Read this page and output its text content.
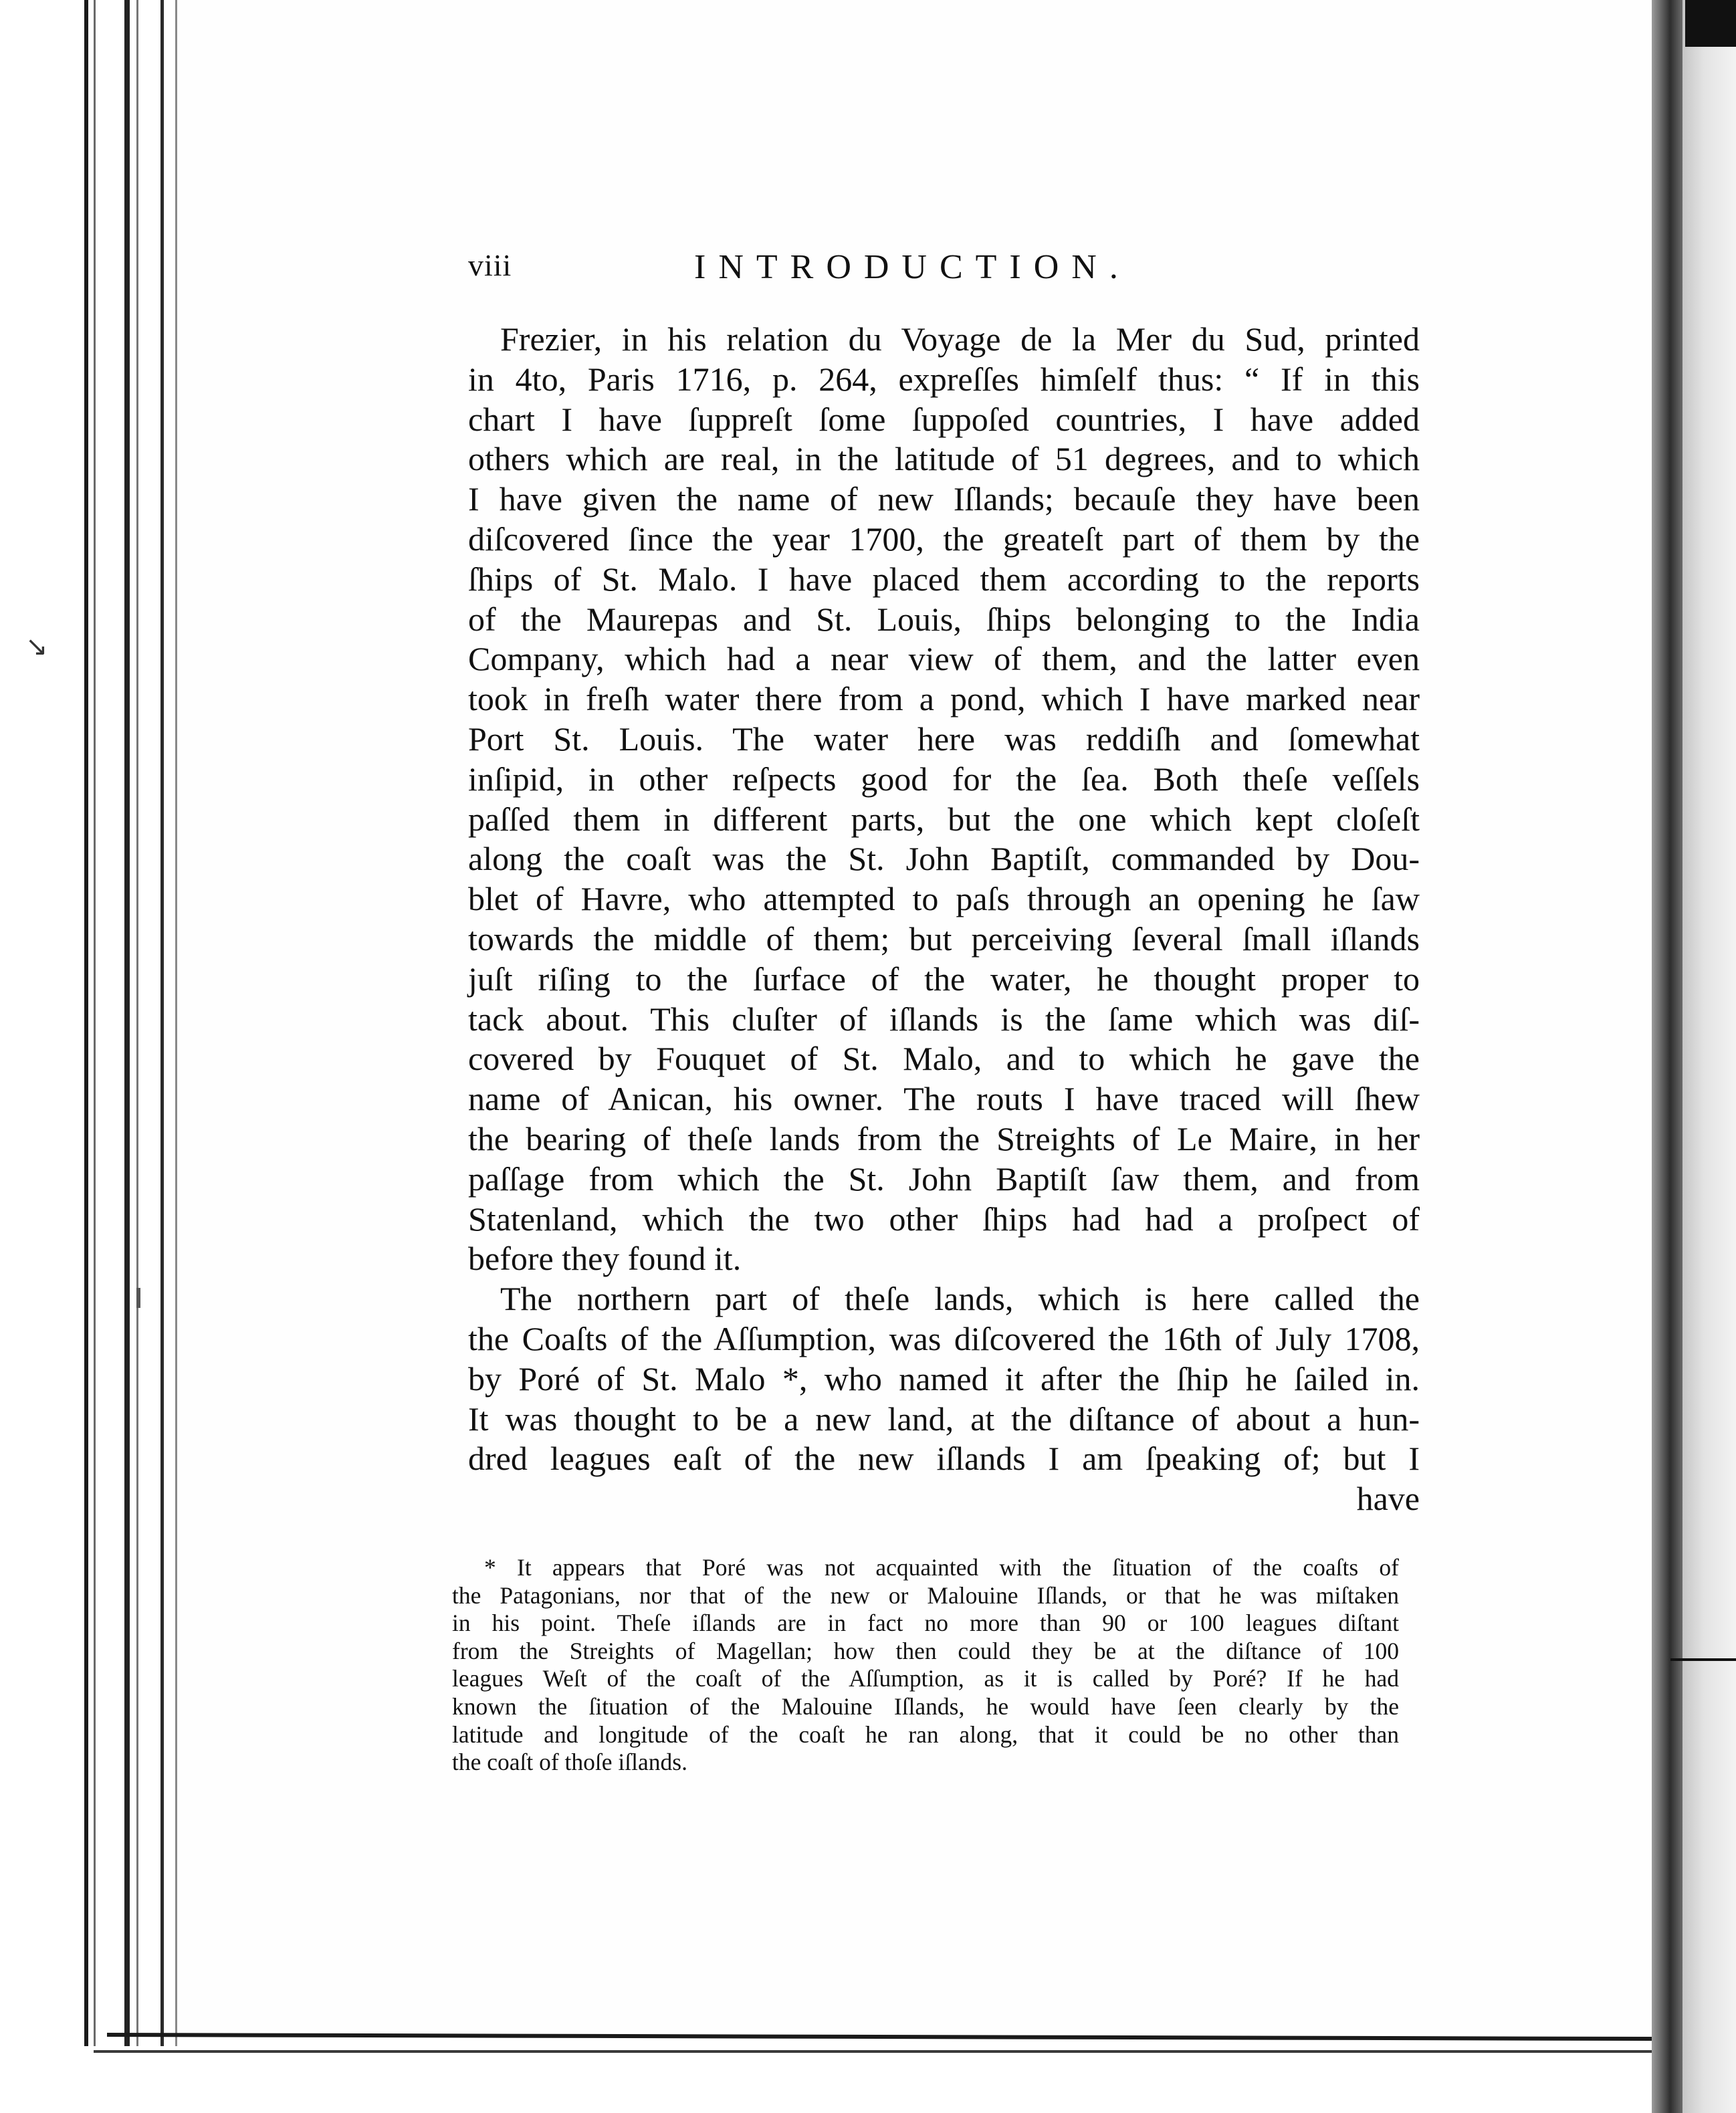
↘
viii	INTRODUCTION.
Frezier, in his relation du Voyage de la Mer du Sud, printed
in 4to, Paris 1716, p. 264, expreſſes himſelf thus: “ If in this
chart I have ſuppreſt ſome ſuppoſed countries, I have added
others which are real, in the latitude of 51 degrees, and to which
I have given the name of new Iſlands; becauſe they have been
diſcovered ſince the year 1700, the greateſt part of them by the
ſhips of St. Malo. I have placed them according to the reports
of the Maurepas and St. Louis, ſhips belonging to the India
Company, which had a near view of them, and the latter even
took in freſh water there from a pond, which I have marked near
Port St. Louis. The water here was reddiſh and ſomewhat
inſipid, in other reſpects good for the ſea. Both theſe veſſels
paſſed them in different parts, but the one which kept cloſeſt
along the coaſt was the St. John Baptiſt, commanded by Dou-
blet of Havre, who attempted to paſs through an opening he ſaw
towards the middle of them; but perceiving ſeveral ſmall iſlands
juſt riſing to the ſurface of the water, he thought proper to
tack about. This cluſter of iſlands is the ſame which was diſ-
covered by Fouquet of St. Malo, and to which he gave the
name of Anican, his owner. The routs I have traced will ſhew
the bearing of theſe lands from the Streights of Le Maire, in her
paſſage from which the St. John Baptiſt ſaw them, and from
Statenland, which the two other ſhips had had a proſpect of
before they found it.
The northern part of theſe lands, which is here called the
the Coaſts of the Aſſumption, was diſcovered the 16th of July 1708,
by Poré of St. Malo *, who named it after the ſhip he ſailed in.
It was thought to be a new land, at the diſtance of about a hun-
dred leagues eaſt of the new iſlands I am ſpeaking of; but I
have
* It appears that Poré was not acquainted with the ſituation of the coaſts of
the Patagonians, nor that of the new or Malouine Iſlands, or that he was miſtaken
in his point. Theſe iſlands are in fact no more than 90 or 100 leagues diſtant
from the Streights of Magellan; how then could they be at the diſtance of 100
leagues Weſt of the coaſt of the Aſſumption, as it is called by Poré? If he had
known the ſituation of the Malouine Iſlands, he would have ſeen clearly by the
latitude and longitude of the coaſt he ran along, that it could be no other than
the coaſt of thoſe iſlands.
